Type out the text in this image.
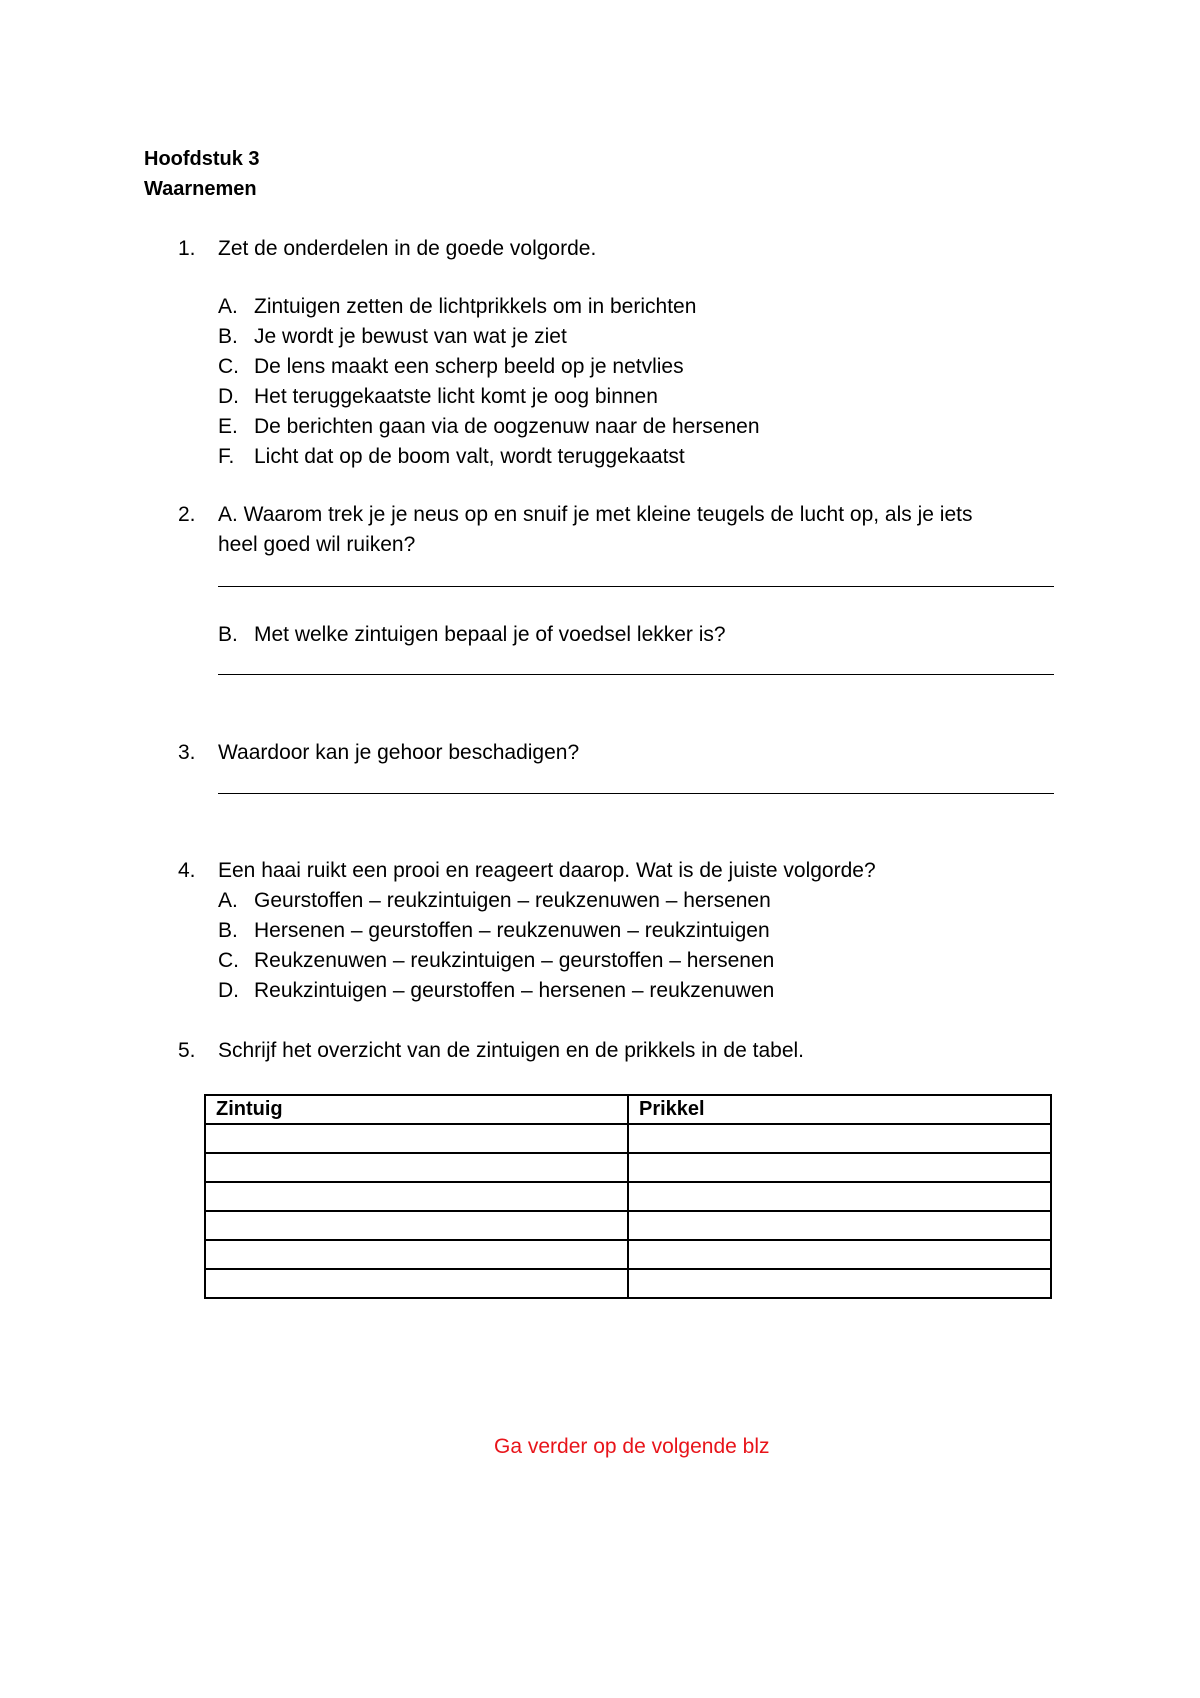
Hoofdstuk 3
Waarnemen
1. Zet de onderdelen in de goede volgorde.
A. Zintuigen zetten de lichtprikkels om in berichten
B. Je wordt je bewust van wat je ziet
C. De lens maakt een scherp beeld op je netvlies
D. Het teruggekaatste licht komt je oog binnen
E. De berichten gaan via de oogzenuw naar de hersenen
F. Licht dat op de boom valt, wordt teruggekaatst
2. A. Waarom trek je je neus op en snuif je met kleine teugels de lucht op, als je iets
heel goed wil ruiken?
B. Met welke zintuigen bepaal je of voedsel lekker is?
3. Waardoor kan je gehoor beschadigen?
4. Een haai ruikt een prooi en reageert daarop. Wat is de juiste volgorde?
A. Geurstoffen – reukzintuigen – reukzenuwen – hersenen
B. Hersenen – geurstoffen – reukzenuwen – reukzintuigen
C. Reukzenuwen – reukzintuigen – geurstoffen – hersenen
D. Reukzintuigen – geurstoffen – hersenen – reukzenuwen
5. Schrijf het overzicht van de zintuigen en de prikkels in de tabel.
Zintuig	Prikkel

Ga verder op de volgende blz
